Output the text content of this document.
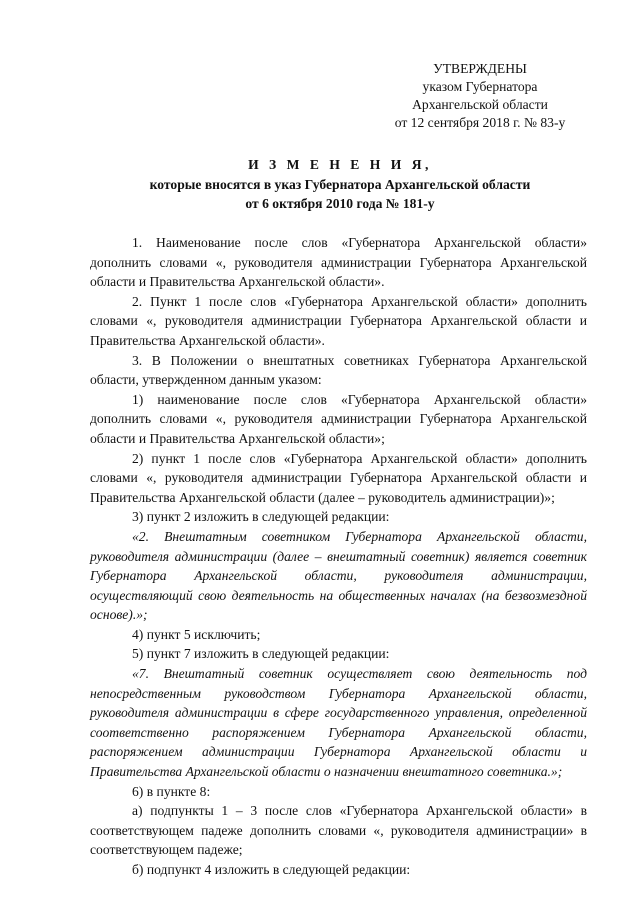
УТВЕРЖДЕНЫ
указом Губернатора
Архангельской области
от 12 сентября 2018 г. № 83-у
И З М Е Н Е Н И Я,
которые вносятся в указ Губернатора Архангельской области
от 6 октября 2010 года № 181-у

1. Наименование после слов «Губернатора Архангельской области» дополнить словами «, руководителя администрации Губернатора Архангельской области и Правительства Архангельской области».

2. Пункт 1 после слов «Губернатора Архангельской области» дополнить словами «, руководителя администрации Губернатора Архангельской области и Правительства Архангельской области».

3. В Положении о внештатных советниках Губернатора Архангельской области, утвержденном данным указом:

1) наименование после слов «Губернатора Архангельской области» дополнить словами «, руководителя администрации Губернатора Архангельской области и Правительства Архангельской области»;

2) пункт 1 после слов «Губернатора Архангельской области» дополнить словами «, руководителя администрации Губернатора Архангельской области и Правительства Архангельской области (далее – руководитель администрации)»;

3) пункт 2 изложить в следующей редакции:

«2. Внештатным советником Губернатора Архангельской области, руководителя администрации (далее – внештатный советник) является советник Губернатора Архангельской области, руководителя администрации, осуществляющий свою деятельность на общественных началах (на безвозмездной основе).»;

4) пункт 5 исключить;

5) пункт 7 изложить в следующей редакции:

«7. Внештатный советник осуществляет свою деятельность под непосредственным руководством Губернатора Архангельской области, руководителя администрации в сфере государственного управления, определенной соответственно распоряжением Губернатора Архангельской области, распоряжением администрации Губернатора Архангельской области и Правительства Архангельской области о назначении внештатного советника.»;

6) в пункте 8:

а) подпункты 1 – 3 после слов «Губернатора Архангельской области» в соответствующем падеже дополнить словами «, руководителя администрации» в соответствующем падеже;

б) подпункт 4 изложить в следующей редакции:
